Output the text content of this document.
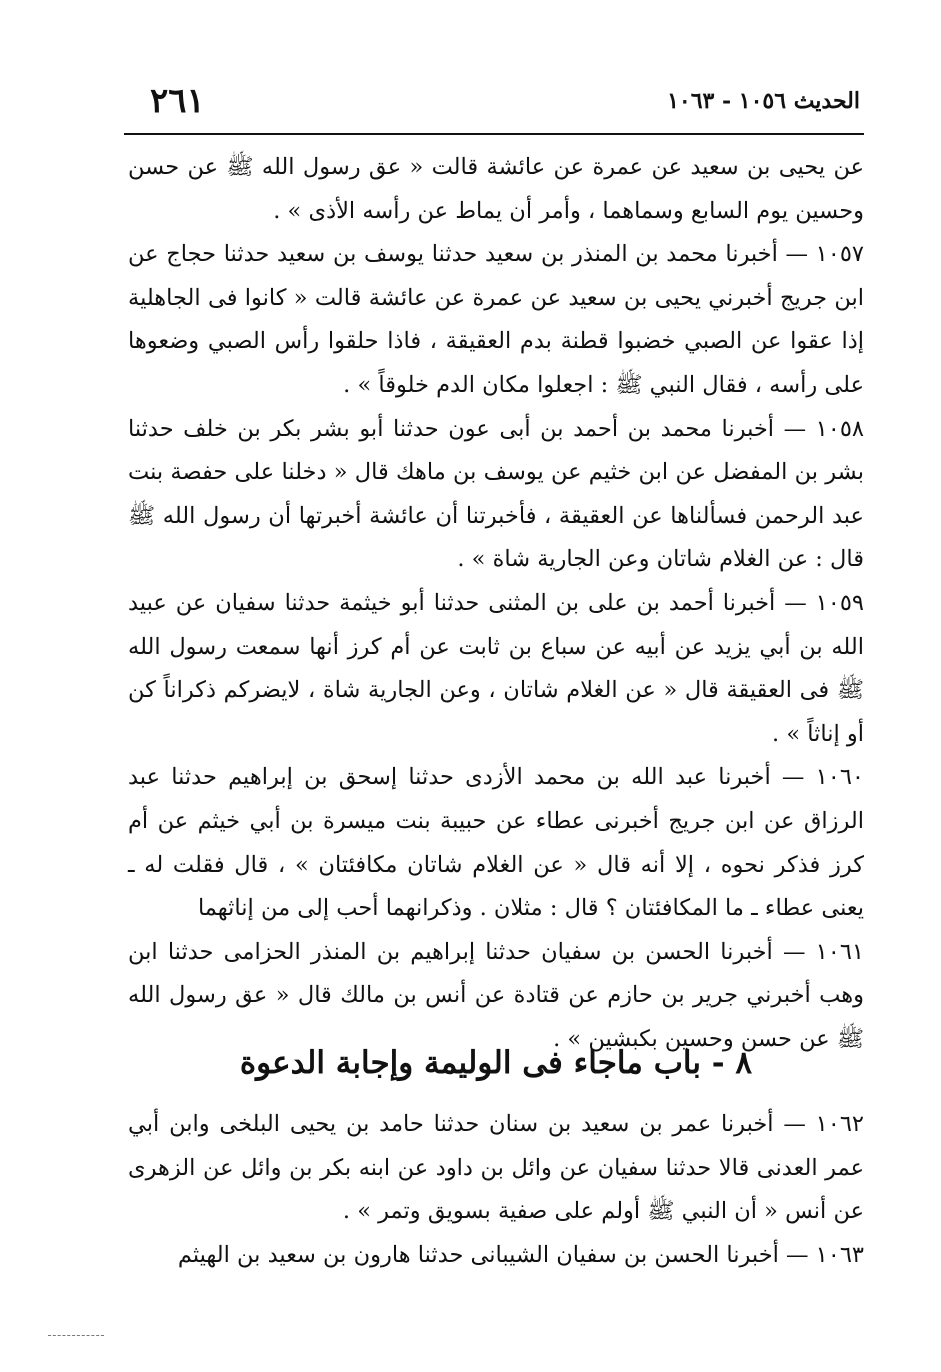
٢٦١	الحديث ١٠٥٦ - ١٠٦٣

عن يحيى بن سعيد عن عمرة عن عائشة قالت « عق رسول الله ﷺ عن حسن وحسين يوم السابع وسماهما ، وأمر أن يماط عن رأسه الأذى » .

١٠٥٧ — أخبرنا محمد بن المنذر بن سعيد حدثنا يوسف بن سعيد حدثنا حجاج عن ابن جريج أخبرني يحيى بن سعيد عن عمرة عن عائشة قالت « كانوا فى الجاهلية إذا عقوا عن الصبي خضبوا قطنة بدم العقيقة ، فاذا حلقوا رأس الصبي وضعوها على رأسه ، فقال النبي ﷺ : اجعلوا مكان الدم خلوقاً » .

١٠٥٨ — أخبرنا محمد بن أحمد بن أبى عون حدثنا أبو بشر بكر بن خلف حدثنا بشر بن المفضل عن ابن خثيم عن يوسف بن ماهك قال « دخلنا على حفصة بنت عبد الرحمن فسألناها عن العقيقة ، فأخبرتنا أن عائشة أخبرتها أن رسول الله ﷺ قال : عن الغلام شاتان وعن الجارية شاة » .

١٠٥٩ — أخبرنا أحمد بن على بن المثنى حدثنا أبو خيثمة حدثنا سفيان عن عبيد الله بن أبي يزيد عن أبيه عن سباع بن ثابت عن أم كرز أنها سمعت رسول الله ﷺ فى العقيقة قال « عن الغلام شاتان ، وعن الجارية شاة ، لايضركم ذكراناً كن أو إناثاً » .

١٠٦٠ — أخبرنا عبد الله بن محمد الأزدى حدثنا إسحق بن إبراهيم حدثنا عبد الرزاق عن ابن جريج أخبرنى عطاء عن حبيبة بنت ميسرة بن أبي خيثم عن أم كرز فذكر نحوه ، إلا أنه قال « عن الغلام شاتان مكافئتان » ، قال فقلت له ـ يعنى عطاء ـ ما المكافئتان ؟ قال : مثلان . وذكرانهما أحب إلى من إناثهما

١٠٦١ — أخبرنا الحسن بن سفيان حدثنا إبراهيم بن المنذر الحزامى حدثنا ابن وهب أخبرني جرير بن حازم عن قتادة عن أنس بن مالك قال « عق رسول الله ﷺ عن حسن وحسين بكبشين » .

٨ - باب ماجاء فى الوليمة وإجابة الدعوة

١٠٦٢ — أخبرنا عمر بن سعيد بن سنان حدثنا حامد بن يحيى البلخى وابن أبي عمر العدنى قالا حدثنا سفيان عن وائل بن داود عن ابنه بكر بن وائل عن الزهرى عن أنس « أن النبي ﷺ أولم على صفية بسويق وتمر » .

١٠٦٣ — أخبرنا الحسن بن سفيان الشيبانى حدثنا هارون بن سعيد بن الهيثم
